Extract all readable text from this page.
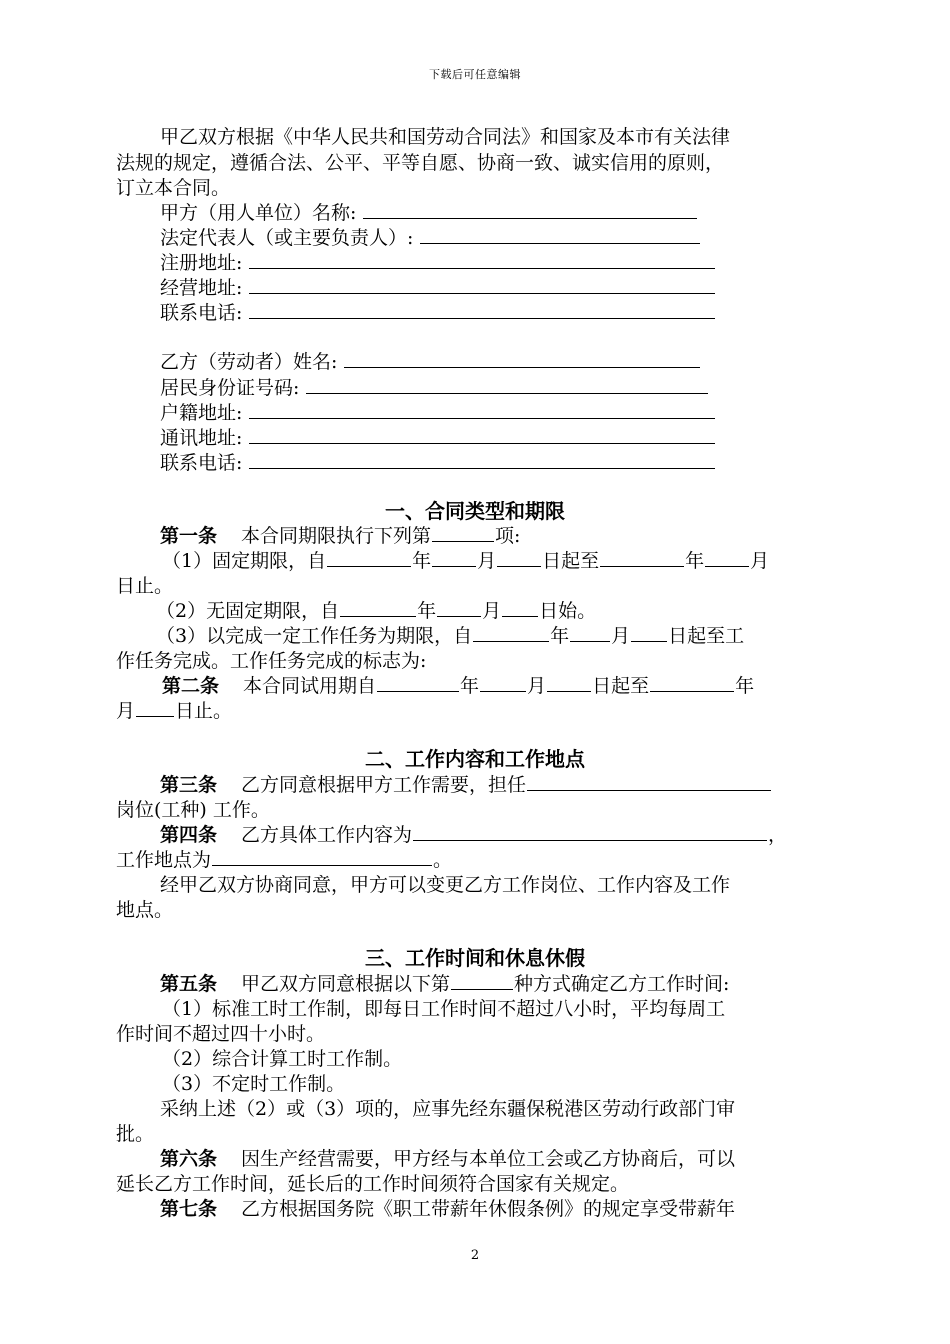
下载后可任意编辑
甲乙双方根据《中华人民共和国劳动合同法》和国家及本市有关法律
法规的规定，遵循合法、公平、平等自愿、协商一致、诚实信用的原则，
订立本合同。
甲方（用人单位）名称:
法定代表人（或主要负责人）:
注册地址:
经营地址:
联系电话:
乙方（劳动者）姓名:
居民身份证号码:
户籍地址:
通讯地址:
联系电话:
一、合同类型和期限
第一条 本合同期限执行下列第	项:
（1）固定期限，自	年 月 日起至	年 月
日止。
（2）无固定期限，自	年 月 日始。
（3）以完成一定工作任务为期限，自	年 月 日起至工
作任务完成。工作任务完成的标志为:
第二条 本合同试用期自	年	月 日起至	年
月 日止。
二、工作内容和工作地点
第三条 乙方同意根据甲方工作需要，担任
岗位(工种) 工作。
第四条 乙方具体工作内容为	，
工作地点为	。
经甲乙双方协商同意，甲方可以变更乙方工作岗位、工作内容及工作
地点。
三、工作时间和休息休假
第五条 甲乙双方同意根据以下第	种方式确定乙方工作时间:
（1）标准工时工作制，即每日工作时间不超过八小时，平均每周工
作时间不超过四十小时。
（2）综合计算工时工作制。
（3）不定时工作制。
采纳上述（2）或（3）项的，应事先经东疆保税港区劳动行政部门审
批。
第六条 因生产经营需要，甲方经与本单位工会或乙方协商后，可以
延长乙方工作时间，延长后的工作时间须符合国家有关规定。
第七条 乙方根据国务院《职工带薪年休假条例》的规定享受带薪年
2
